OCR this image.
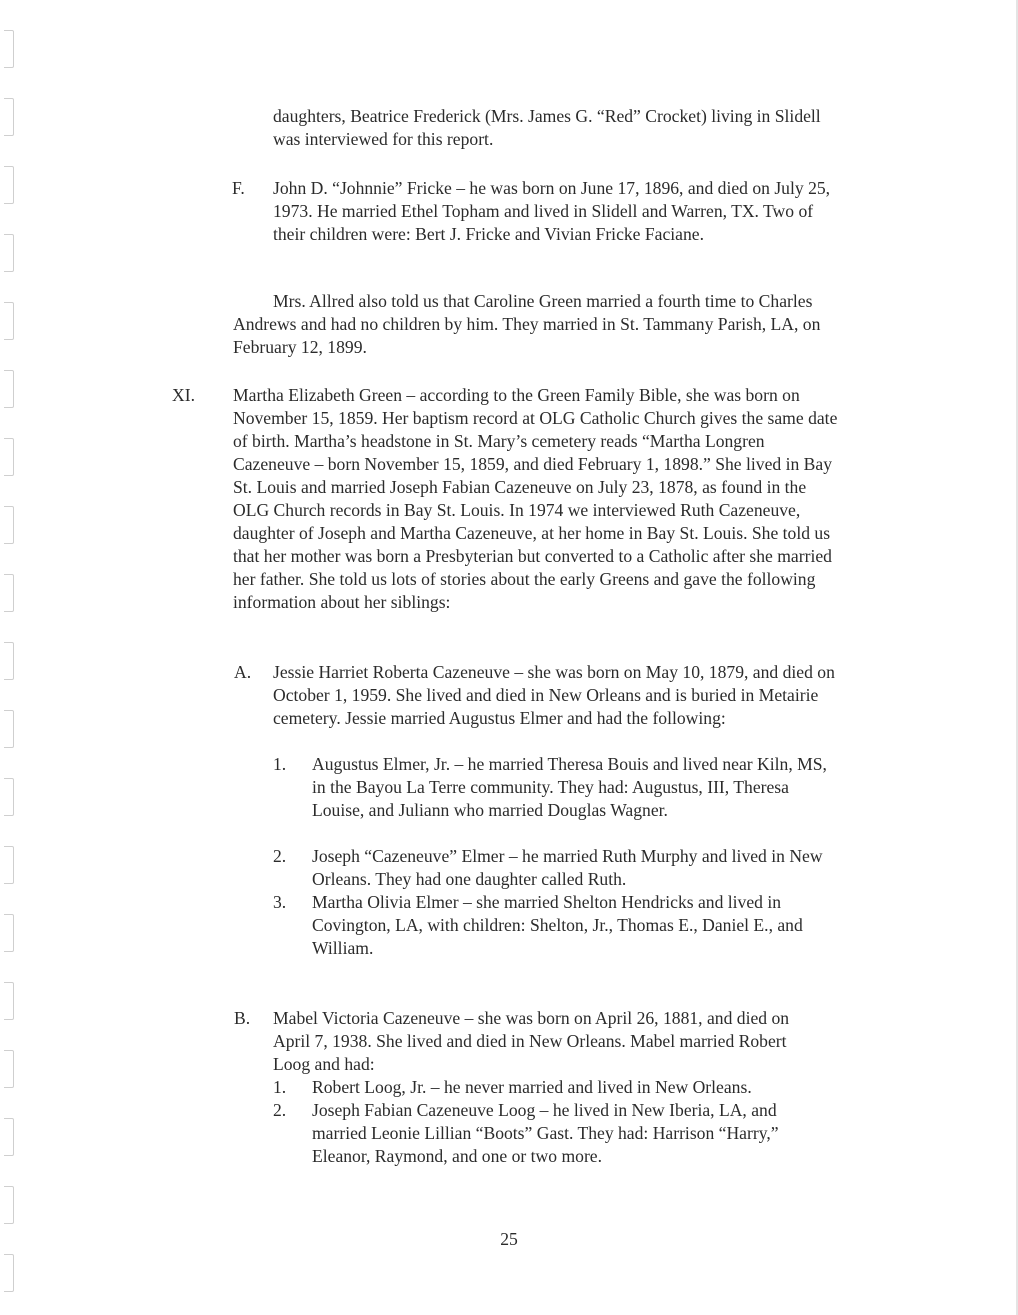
daughters, Beatrice Frederick (Mrs. James G. “Red” Crocket) living in Slidell was interviewed for this report.

F. John D. “Johnnie” Fricke – he was born on June 17, 1896, and died on July 25, 1973. He married Ethel Topham and lived in Slidell and Warren, TX. Two of their children were: Bert J. Fricke and Vivian Fricke Faciane.

Mrs. Allred also told us that Caroline Green married a fourth time to Charles Andrews and had no children by him. They married in St. Tammany Parish, LA, on February 12, 1899.

XI. Martha Elizabeth Green – according to the Green Family Bible, she was born on November 15, 1859. Her baptism record at OLG Catholic Church gives the same date of birth. Martha’s headstone in St. Mary’s cemetery reads “Martha Longren Cazeneuve – born November 15, 1859, and died February 1, 1898.” She lived in Bay St. Louis and married Joseph Fabian Cazeneuve on July 23, 1878, as found in the OLG Church records in Bay St. Louis. In 1974 we interviewed Ruth Cazeneuve, daughter of Joseph and Martha Cazeneuve, at her home in Bay St. Louis. She told us that her mother was born a Presbyterian but converted to a Catholic after she married her father. She told us lots of stories about the early Greens and gave the following information about her siblings:

A. Jessie Harriet Roberta Cazeneuve – she was born on May 10, 1879, and died on October 1, 1959. She lived and died in New Orleans and is buried in Metairie cemetery. Jessie married Augustus Elmer and had the following:

1. Augustus Elmer, Jr. – he married Theresa Bouis and lived near Kiln, MS, in the Bayou La Terre community. They had: Augustus, III, Theresa Louise, and Juliann who married Douglas Wagner.

2. Joseph “Cazeneuve” Elmer – he married Ruth Murphy and lived in New Orleans. They had one daughter called Ruth.

3. Martha Olivia Elmer – she married Shelton Hendricks and lived in Covington, LA, with children: Shelton, Jr., Thomas E., Daniel E., and William.

B. Mabel Victoria Cazeneuve – she was born on April 26, 1881, and died on April 7, 1938. She lived and died in New Orleans. Mabel married Robert Loog and had:

1. Robert Loog, Jr. – he never married and lived in New Orleans.

2. Joseph Fabian Cazeneuve Loog – he lived in New Iberia, LA, and married Leonie Lillian “Boots” Gast. They had: Harrison “Harry,” Eleanor, Raymond, and one or two more.

25
